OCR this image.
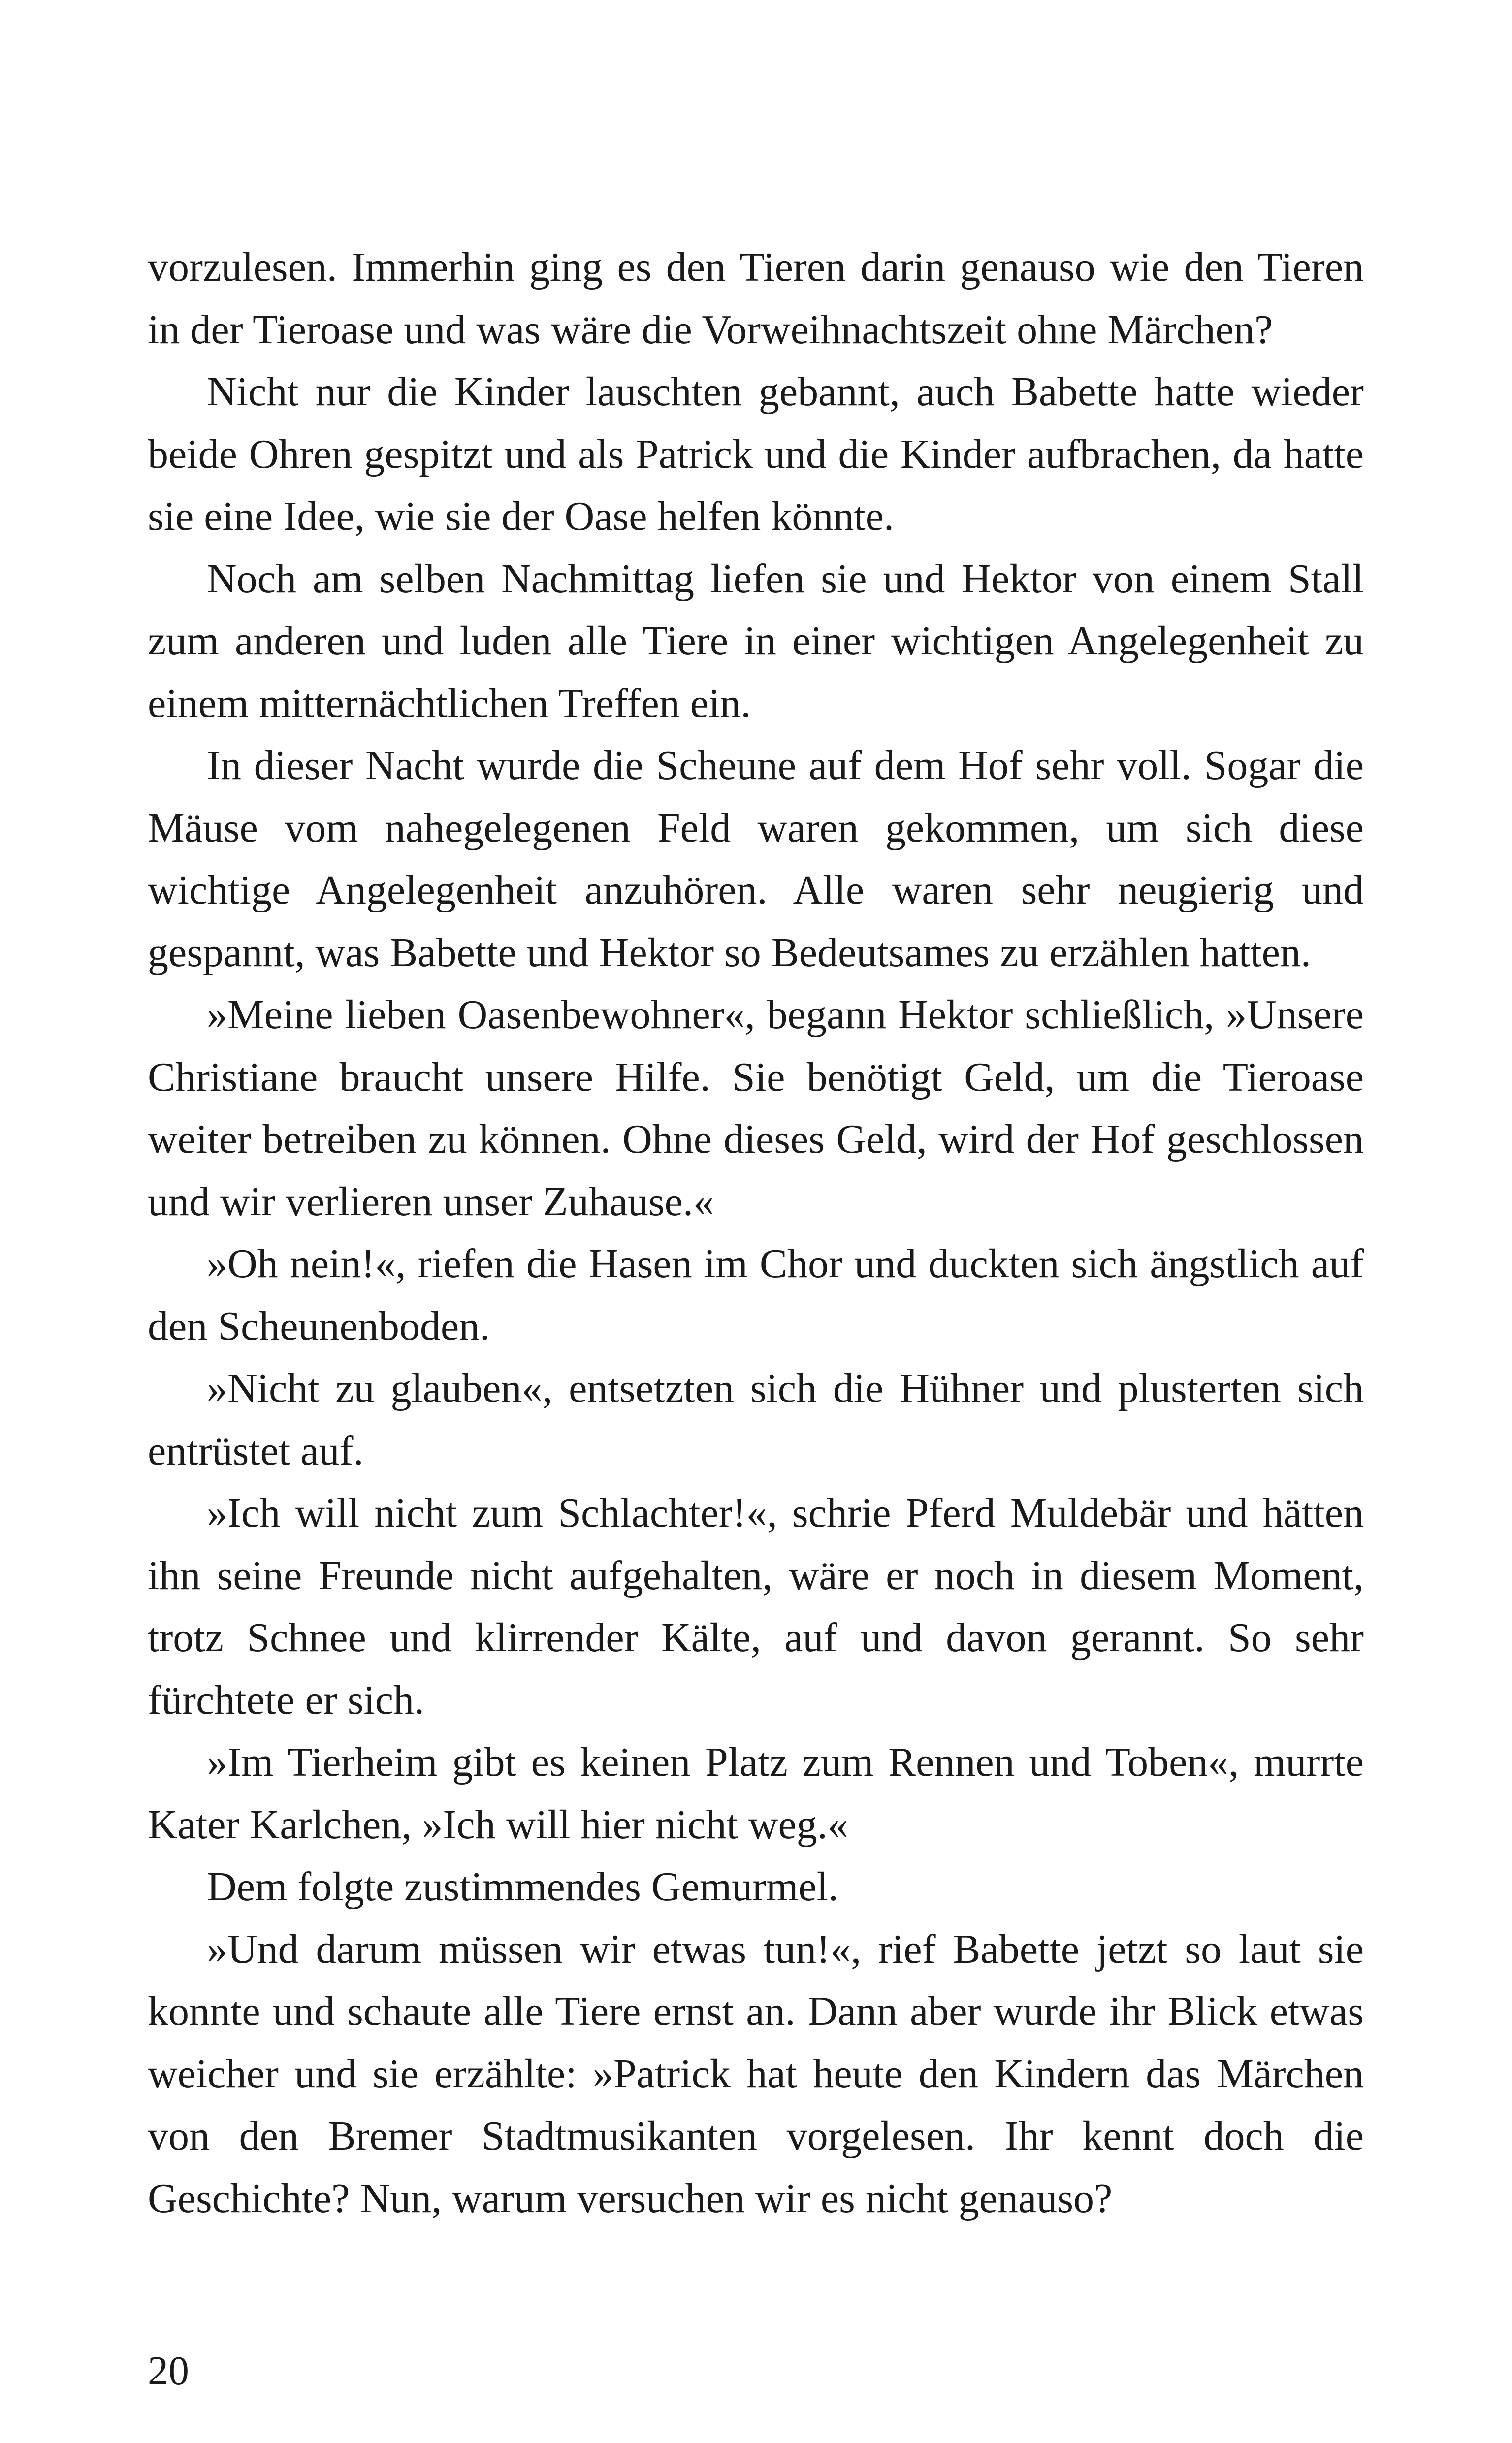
vorzulesen. Immerhin ging es den Tieren darin genauso wie den Tieren in der Tieroase und was wäre die Vorweihnachtszeit ohne Märchen?

Nicht nur die Kinder lauschten gebannt, auch Babette hatte wieder beide Ohren gespitzt und als Patrick und die Kinder aufbrachen, da hatte sie eine Idee, wie sie der Oase helfen könnte.

Noch am selben Nachmittag liefen sie und Hektor von einem Stall zum anderen und luden alle Tiere in einer wichtigen Angelegenheit zu einem mitternächtlichen Treffen ein.

In dieser Nacht wurde die Scheune auf dem Hof sehr voll. Sogar die Mäuse vom nahegelegenen Feld waren gekommen, um sich diese wichtige Angelegenheit anzuhören. Alle waren sehr neugierig und gespannt, was Babette und Hektor so Bedeutsames zu erzählen hatten.

»Meine lieben Oasenbewohner«, begann Hektor schließlich, »Unsere Christiane braucht unsere Hilfe. Sie benötigt Geld, um die Tieroase weiter betreiben zu können. Ohne dieses Geld, wird der Hof geschlossen und wir verlieren unser Zuhause.«

»Oh nein!«, riefen die Hasen im Chor und duckten sich ängstlich auf den Scheunenboden.

»Nicht zu glauben«, entsetzten sich die Hühner und plusterten sich entrüstet auf.

»Ich will nicht zum Schlachter!«, schrie Pferd Muldebär und hätten ihn seine Freunde nicht aufgehalten, wäre er noch in diesem Moment, trotz Schnee und klirrender Kälte, auf und davon gerannt. So sehr fürchtete er sich.

»Im Tierheim gibt es keinen Platz zum Rennen und Toben«, murrte Kater Karlchen, »Ich will hier nicht weg.«

Dem folgte zustimmendes Gemurmel.

»Und darum müssen wir etwas tun!«, rief Babette jetzt so laut sie konnte und schaute alle Tiere ernst an. Dann aber wurde ihr Blick etwas weicher und sie erzählte: »Patrick hat heute den Kindern das Märchen von den Bremer Stadtmusikanten vorgelesen. Ihr kennt doch die Geschichte? Nun, warum versuchen wir es nicht genauso?

20
